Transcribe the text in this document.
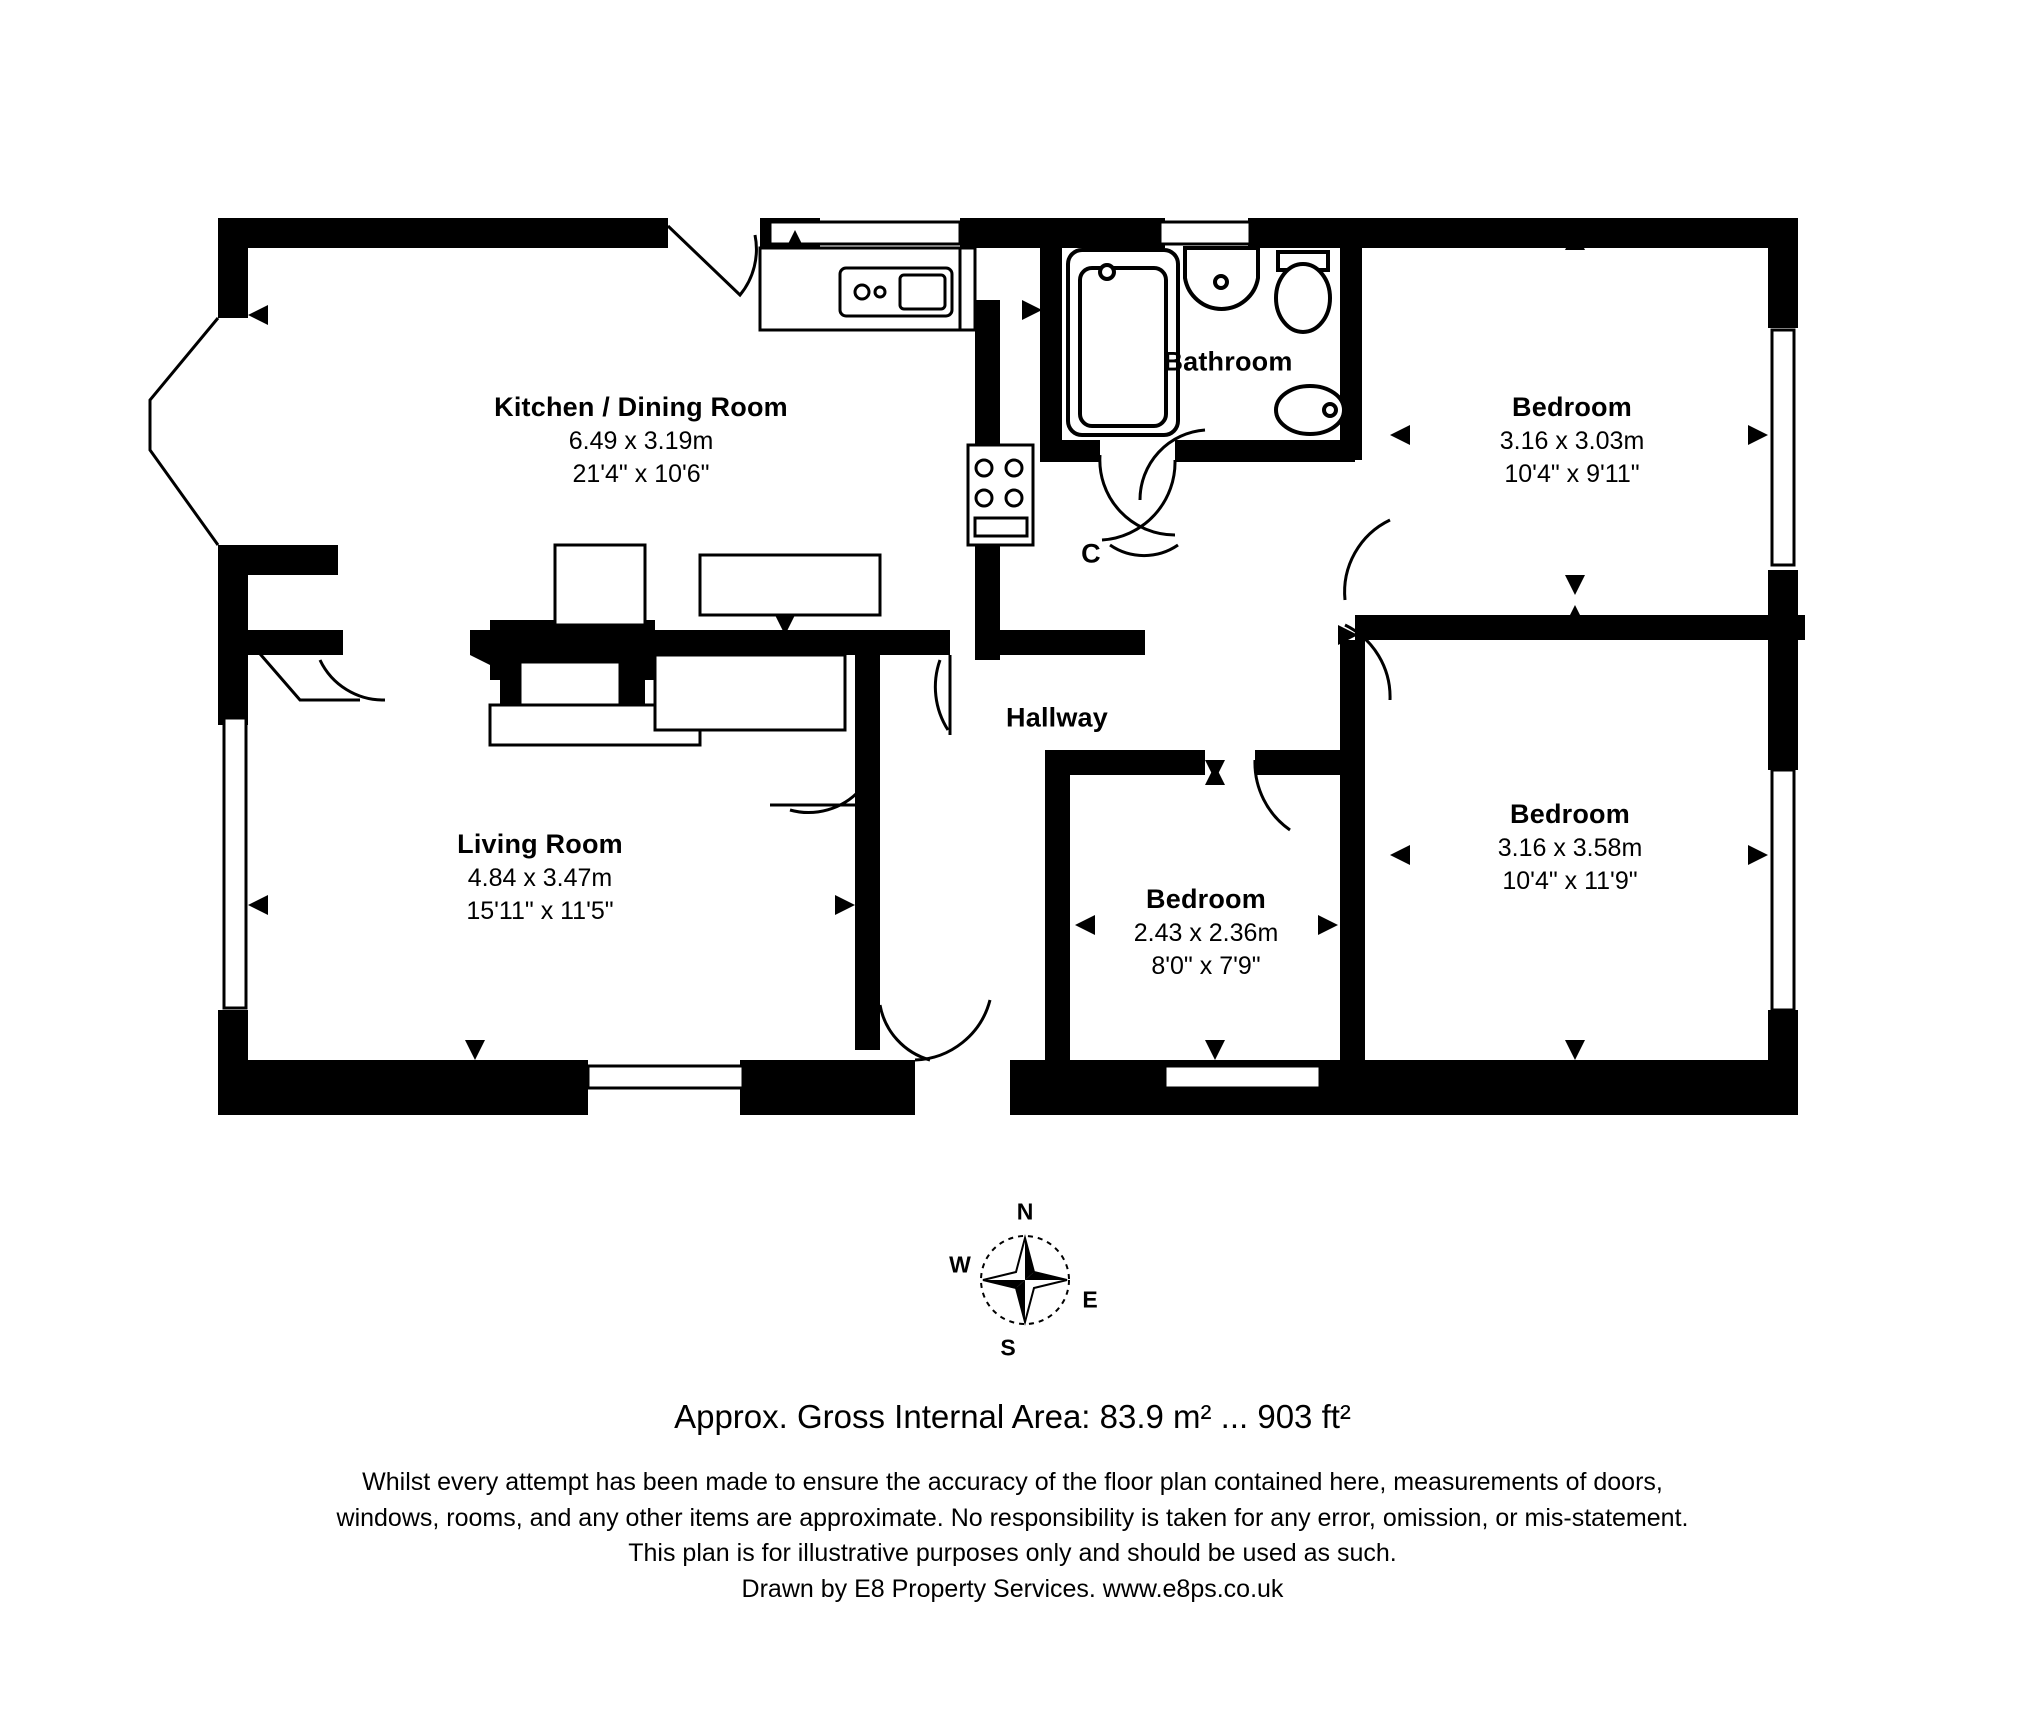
Kitchen / Dining Room
6.49 x 3.19m
21'4" x 10'6"
Bathroom
Bedroom
3.16 x 3.03m
10'4" x 9'11"
Hallway
C
Living Room
4.84 x 3.47m
15'11" x 11'5"
Bedroom
3.16 x 3.58m
10'4" x 11'9"
Bedroom
2.43 x 2.36m
8'0" x 7'9"
N
E
S
W
Approx. Gross Internal Area: 83.9 m² ... 903 ft²
Whilst every attempt has been made to ensure the accuracy of the floor plan contained here, measurements of doors,
windows, rooms, and any other items are approximate. No responsibility is taken for any error, omission, or mis-statement.
This plan is for illustrative purposes only and should be used as such.
Drawn by E8 Property Services. www.e8ps.co.uk
